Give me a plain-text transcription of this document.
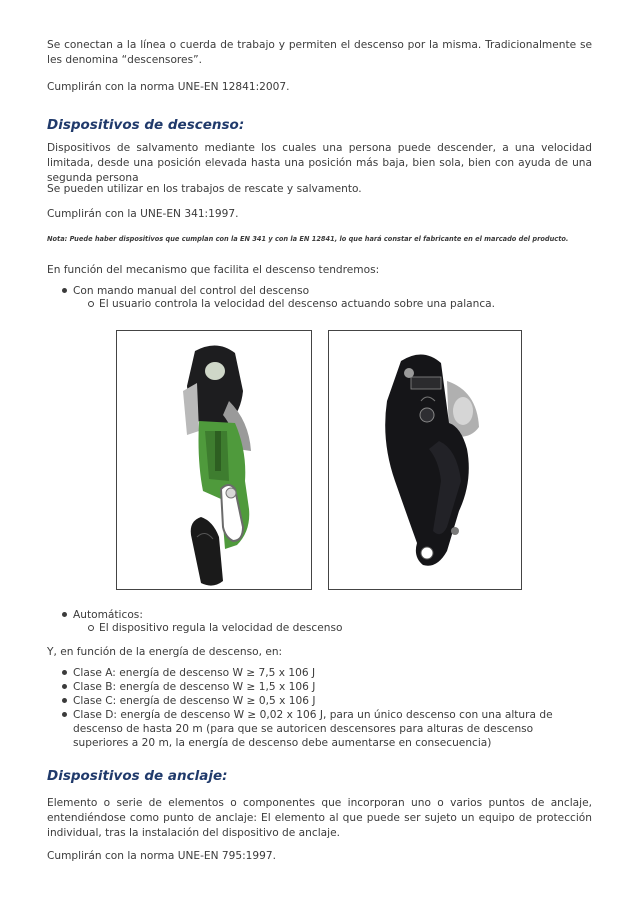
Se conectan a la línea o cuerda de trabajo y permiten el descenso por la misma. Tradicionalmente se les denomina “descensores”.

Cumplirán con la norma UNE-EN 12841:2007.

Dispositivos de descenso:

Dispositivos de salvamento mediante los cuales una persona puede descender, a una velocidad limitada, desde una posición elevada hasta una posición más baja, bien sola, bien con ayuda de una segunda persona

Se pueden utilizar en los trabajos de rescate y salvamento.

Cumplirán con la UNE-EN 341:1997.

Nota: Puede haber dispositivos que cumplan con la EN 341 y con la EN 12841, lo que hará constar el fabricante en el marcado del producto.

En función del mecanismo que facilita el descenso tendremos:

Con mando manual del control del descenso
El usuario controla la velocidad del descenso actuando sobre una palanca.
Automáticos:
El dispositivo regula la velocidad de descenso

Y, en función de la energía de descenso, en:

Clase A: energía de descenso W ≥ 7,5 x 106 J
Clase B: energía de descenso W ≥ 1,5 x 106 J
Clase C: energía de descenso W ≥ 0,5 x 106 J
Clase D: energía de descenso W ≥ 0,02 x 106 J, para un único descenso con una altura de descenso de hasta 20 m (para que se autoricen descensores para alturas de descenso superiores a 20 m, la energía de descenso debe aumentarse en consecuencia)
Dispositivos de anclaje:

Elemento o serie de elementos o componentes que incorporan uno o varios puntos de anclaje, entendiéndose como punto de anclaje: El elemento al que puede ser sujeto un equipo de protección individual, tras la instalación del dispositivo de anclaje.

Cumplirán con la norma UNE-EN 795:1997.
